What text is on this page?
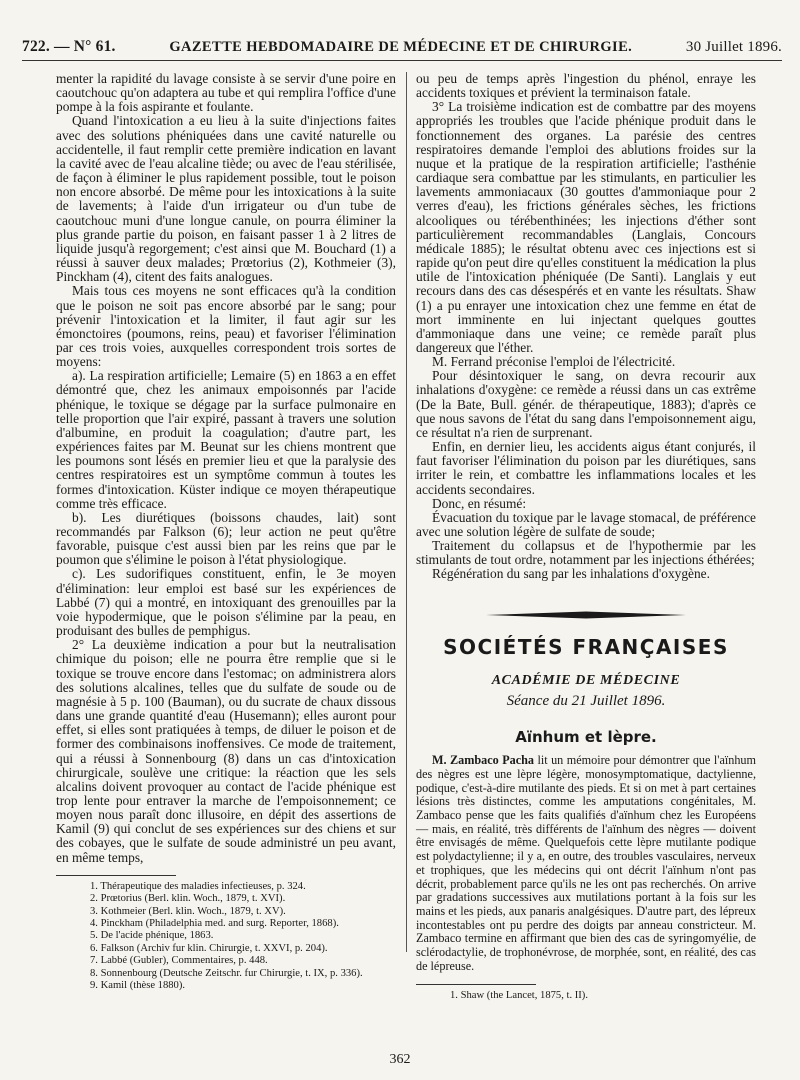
722. — N° 61.	GAZETTE HEBDOMADAIRE DE MÉDECINE ET DE CHIRURGIE.	30 Juillet 1896.

menter la rapidité du lavage consiste à se servir d'une poire en caoutchouc qu'on adaptera au tube et qui remplira l'office d'une pompe à la fois aspirante et foulante.

Quand l'intoxication a eu lieu à la suite d'injections faites avec des solutions phéniquées dans une cavité naturelle ou accidentelle, il faut remplir cette première indication en lavant la cavité avec de l'eau alcaline tiède; ou avec de l'eau stérilisée, de façon à éliminer le plus rapidement possible, tout le poison non encore absorbé. De même pour les intoxications à la suite de lavements; à l'aide d'un irrigateur ou d'un tube de caoutchouc muni d'une longue canule, on pourra éliminer la plus grande partie du poison, en faisant passer 1 à 2 litres de liquide jusqu'à regorgement; c'est ainsi que M. Bouchard (1) a réussi à sauver deux malades; Prœtorius (2), Kothmeier (3), Pinckham (4), citent des faits analogues.

Mais tous ces moyens ne sont efficaces qu'à la condition que le poison ne soit pas encore absorbé par le sang; pour prévenir l'intoxication et la limiter, il faut agir sur les émonctoires (poumons, reins, peau) et favoriser l'élimination par ces trois voies, auxquelles correspondent trois sortes de moyens:

a). La respiration artificielle; Lemaire (5) en 1863 a en effet démontré que, chez les animaux empoisonnés par l'acide phénique, le toxique se dégage par la surface pulmonaire en telle proportion que l'air expiré, passant à travers une solution d'albumine, en produit la coagulation; d'autre part, les expériences faites par M. Beunat sur les chiens montrent que les poumons sont lésés en premier lieu et que la paralysie des centres respiratoires est un symptôme commun à toutes les formes d'intoxication. Küster indique ce moyen thérapeutique comme très efficace.

b). Les diurétiques (boissons chaudes, lait) sont recommandés par Falkson (6); leur action ne peut qu'être favorable, puisque c'est aussi bien par les reins que par le poumon que s'élimine le poison à l'état physiologique.

c). Les sudorifiques constituent, enfin, le 3e moyen d'élimination: leur emploi est basé sur les expériences de Labbé (7) qui a montré, en intoxiquant des grenouilles par la voie hypodermique, que le poison s'élimine par la peau, en produisant des bulles de pemphigus.

2° La deuxième indication a pour but la neutralisation chimique du poison; elle ne pourra être remplie que si le toxique se trouve encore dans l'estomac; on administrera alors des solutions alcalines, telles que du sulfate de soude ou de magnésie à 5 p. 100 (Bauman), ou du sucrate de chaux dissous dans une grande quantité d'eau (Husemann); elles auront pour effet, si elles sont pratiquées à temps, de diluer le poison et de former des combinaisons inoffensives. Ce mode de traitement, qui a réussi à Sonnenbourg (8) dans un cas d'intoxication chirurgicale, soulève une critique: la réaction que les sels alcalins doivent provoquer au contact de l'acide phénique est trop lente pour entraver la marche de l'empoisonnement; ce moyen nous paraît donc illusoire, en dépit des assertions de Kamil (9) qui conclut de ses expériences sur des chiens et sur des cobayes, que le sulfate de soude administré un peu avant, en même temps,

1. Thérapeutique des maladies infectieuses, p. 324.

2. Prœtorius (Berl. klin. Woch., 1879, t. XVI).

3. Kothmeier (Berl. klin. Woch., 1879, t. XV).

4. Pinckham (Philadelphia med. and surg. Reporter, 1868).

5. De l'acide phénique, 1863.

6. Falkson (Archiv fur klin. Chirurgie, t. XXVI, p. 204).

7. Labbé (Gubler), Commentaires, p. 448.

8. Sonnenbourg (Deutsche Zeitschr. fur Chirurgie, t. IX, p. 336).

9. Kamil (thèse 1880).

ou peu de temps après l'ingestion du phénol, enraye les accidents toxiques et prévient la terminaison fatale.

3° La troisième indication est de combattre par des moyens appropriés les troubles que l'acide phénique produit dans le fonctionnement des organes. La parésie des centres respiratoires demande l'emploi des ablutions froides sur la nuque et la pratique de la respiration artificielle; l'asthénie cardiaque sera combattue par les stimulants, en particulier les lavements ammoniacaux (30 gouttes d'ammoniaque pour 2 verres d'eau), les frictions générales sèches, les frictions alcooliques ou térébenthinées; les injections d'éther sont particulièrement recommandables (Langlais, Concours médicale 1885); le résultat obtenu avec ces injections est si rapide qu'on peut dire qu'elles constituent la médication la plus utile de l'intoxication phéniquée (De Santi). Langlais y eut recours dans des cas désespérés et en vante les résultats. Shaw (1) a pu enrayer une intoxication chez une femme en état de mort imminente en lui injectant quelques gouttes d'ammoniaque dans une veine; ce remède paraît plus dangereux que l'éther.

M. Ferrand préconise l'emploi de l'électricité.

Pour désintoxiquer le sang, on devra recourir aux inhalations d'oxygène: ce remède a réussi dans un cas extrême (De la Bate, Bull. génér. de thérapeutique, 1883); d'après ce que nous savons de l'état du sang dans l'empoisonnement aigu, ce résultat n'a rien de surprenant.

Enfin, en dernier lieu, les accidents aigus étant conjurés, il faut favoriser l'élimination du poison par les diurétiques, sans irriter le rein, et combattre les inflammations locales et les accidents secondaires.

Donc, en résumé:

Évacuation du toxique par le lavage stomacal, de préférence avec une solution légère de sulfate de soude;

Traitement du collapsus et de l'hypothermie par les stimulants de tout ordre, notamment par les injections éthérées;

Régénération du sang par les inhalations d'oxygène.

SOCIÉTÉS FRANÇAISES
ACADÉMIE DE MÉDECINE
Séance du 21 Juillet 1896.
Aïnhum et lèpre.

M. Zambaco Pacha lit un mémoire pour démontrer que l'aïnhum des nègres est une lèpre légère, monosymptomatique, dactylienne, podique, c'est-à-dire mutilante des pieds. Et si on met à part certaines lésions très distinctes, comme les amputations congénitales, M. Zambaco pense que les faits qualifiés d'aïnhum chez les Européens — mais, en réalité, très différents de l'aïnhum des nègres — doivent être envisagés de même. Quelquefois cette lèpre mutilante podique est polydactylienne; il y a, en outre, des troubles vasculaires, nerveux et trophiques, que les médecins qui ont décrit l'aïnhum n'ont pas décrit, probablement parce qu'ils ne les ont pas recherchés. On arrive par gradations successives aux mutilations portant à la fois sur les mains et les pieds, aux panaris analgésiques. D'autre part, des lépreux incontestables ont pu perdre des doigts par anneau constricteur. M. Zambaco termine en affirmant que bien des cas de syringomyélie, de sclérodactylie, de trophonévrose, de morphée, sont, en réalité, des cas de lépreuse.

1. Shaw (the Lancet, 1875, t. II).

362
